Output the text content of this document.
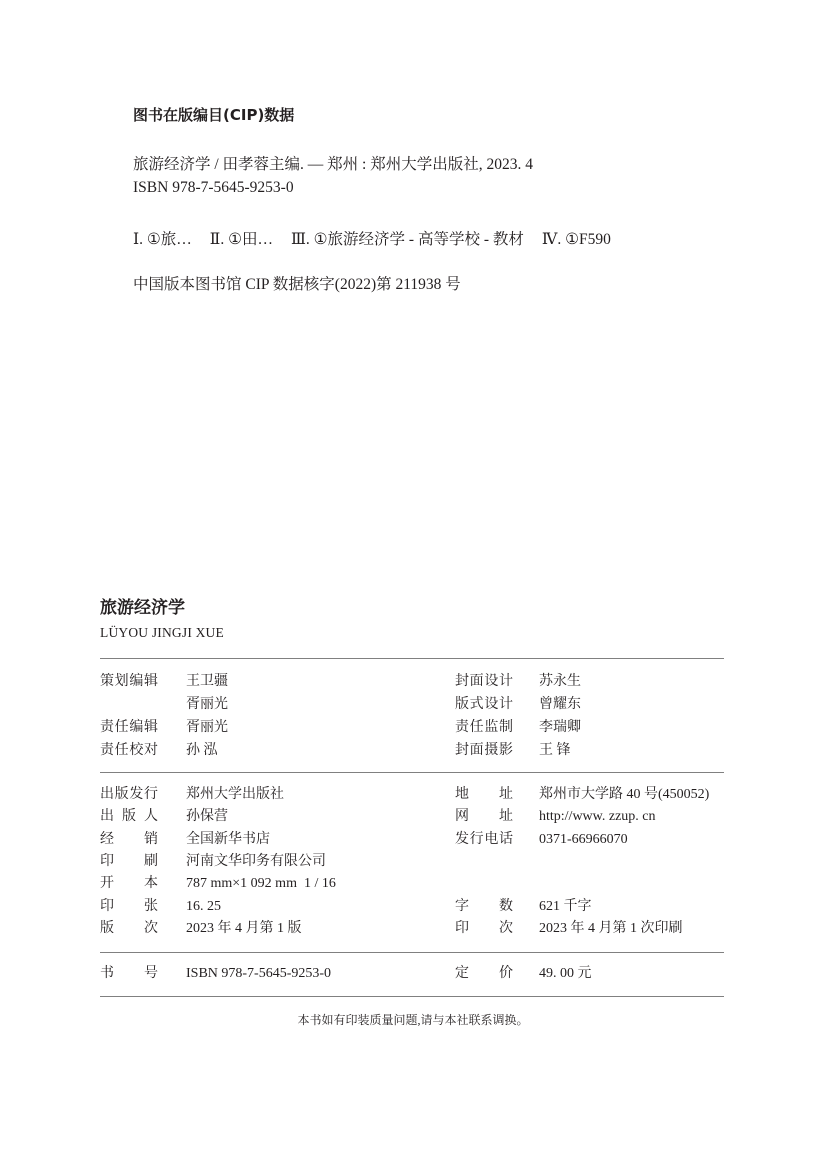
图书在版编目(CIP)数据
旅游经济学 / 田孝蓉主编. — 郑州 : 郑州大学出版社, 2023. 4
ISBN 978-7-5645-9253-0
Ⅰ. ①旅… Ⅱ. ①田… Ⅲ. ①旅游经济学 - 高等学校 - 教材 Ⅳ. ①F590
中国版本图书馆 CIP 数据核字(2022)第 211938 号
旅游经济学
LÜYOU JINGJI XUE
策划编辑 王卫疆	封面设计 苏永生
胥丽光	版式设计 曾耀东
责任编辑 胥丽光	责任监制 李瑞卿
责任校对 孙 泓	封面摄影 王 锋
出版发行 郑州大学出版社	地 址 郑州市大学路 40 号(450052)
出 版 人 孙保营	网 址 http://www. zzup. cn
经 销 全国新华书店	发行电话 0371-66966070
印 刷 河南文华印务有限公司
开 本 787 mm×1 092 mm  1 / 16
印 张 16. 25	字 数 621 千字
版 次 2023 年 4 月第 1 版	印 次 2023 年 4 月第 1 次印刷
书 号 ISBN 978-7-5645-9253-0	定 价 49. 00 元
本书如有印装质量问题,请与本社联系调换。
